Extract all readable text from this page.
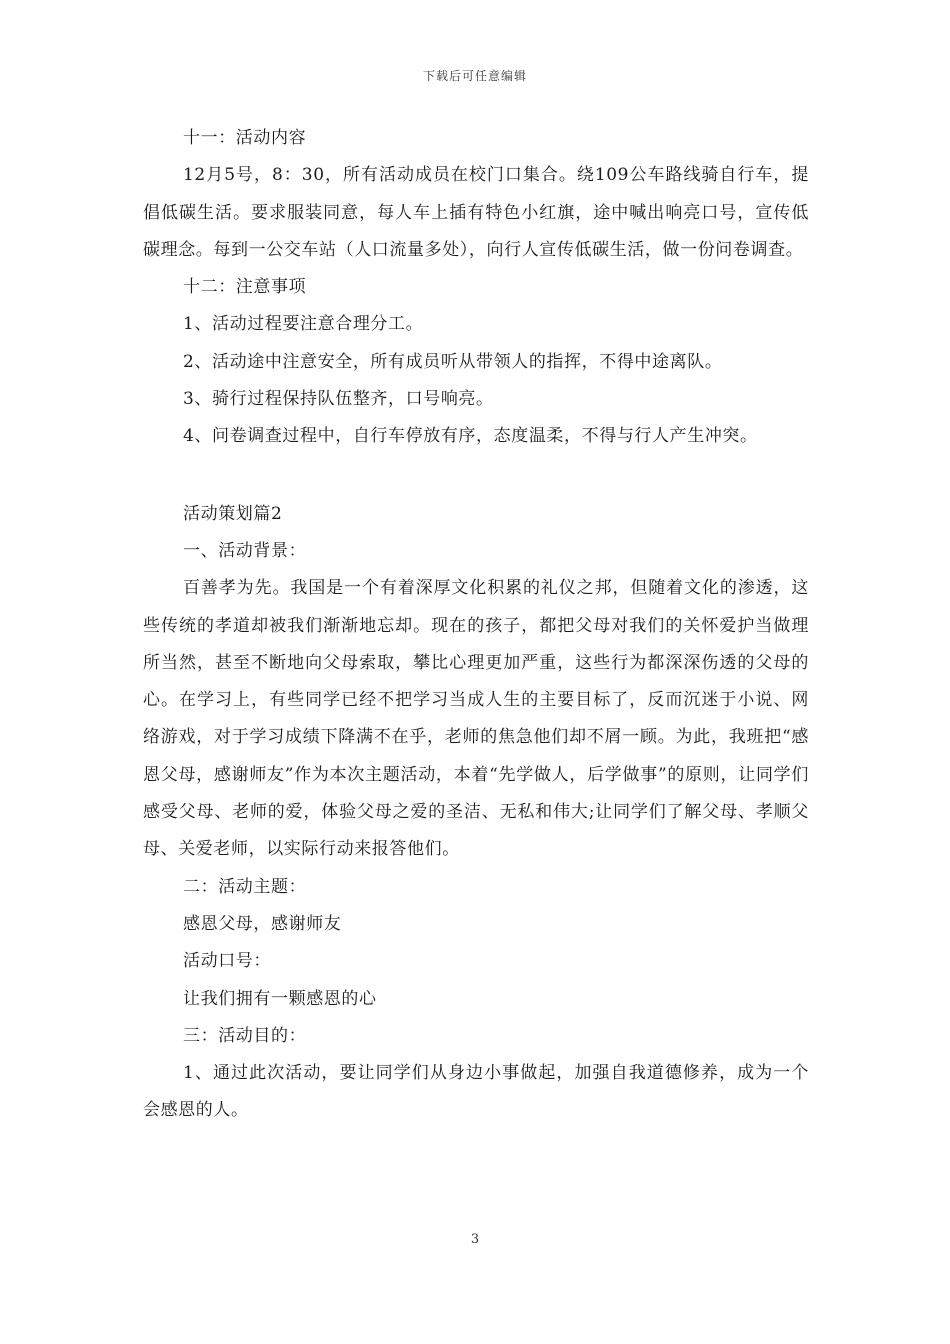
下载后可任意编辑

十一：活动内容

12月5号，8：30，所有活动成员在校门口集合。绕109公车路线骑自行车，提倡低碳生活。要求服装同意，每人车上插有特色小红旗，途中喊出响亮口号，宣传低碳理念。每到一公交车站（人口流量多处），向行人宣传低碳生活，做一份问卷调查。

十二：注意事项

1、活动过程要注意合理分工。

2、活动途中注意安全，所有成员听从带领人的指挥，不得中途离队。

3、骑行过程保持队伍整齐，口号响亮。

4、问卷调查过程中，自行车停放有序，态度温柔，不得与行人产生冲突。

活动策划篇2

一、活动背景：

百善孝为先。我国是一个有着深厚文化积累的礼仪之邦，但随着文化的渗透，这些传统的孝道却被我们渐渐地忘却。现在的孩子，都把父母对我们的关怀爱护当做理所当然，甚至不断地向父母索取，攀比心理更加严重，这些行为都深深伤透的父母的心。在学习上，有些同学已经不把学习当成人生的主要目标了，反而沉迷于小说、网络游戏，对于学习成绩下降满不在乎，老师的焦急他们却不屑一顾。为此，我班把“感恩父母，感谢师友”作为本次主题活动，本着“先学做人，后学做事”的原则，让同学们感受父母、老师的爱，体验父母之爱的圣洁、无私和伟大;让同学们了解父母、孝顺父母、关爱老师，以实际行动来报答他们。

二：活动主题：

感恩父母，感谢师友

活动口号：

让我们拥有一颗感恩的心

三：活动目的：

1、通过此次活动，要让同学们从身边小事做起，加强自我道德修养，成为一个会感恩的人。

3
